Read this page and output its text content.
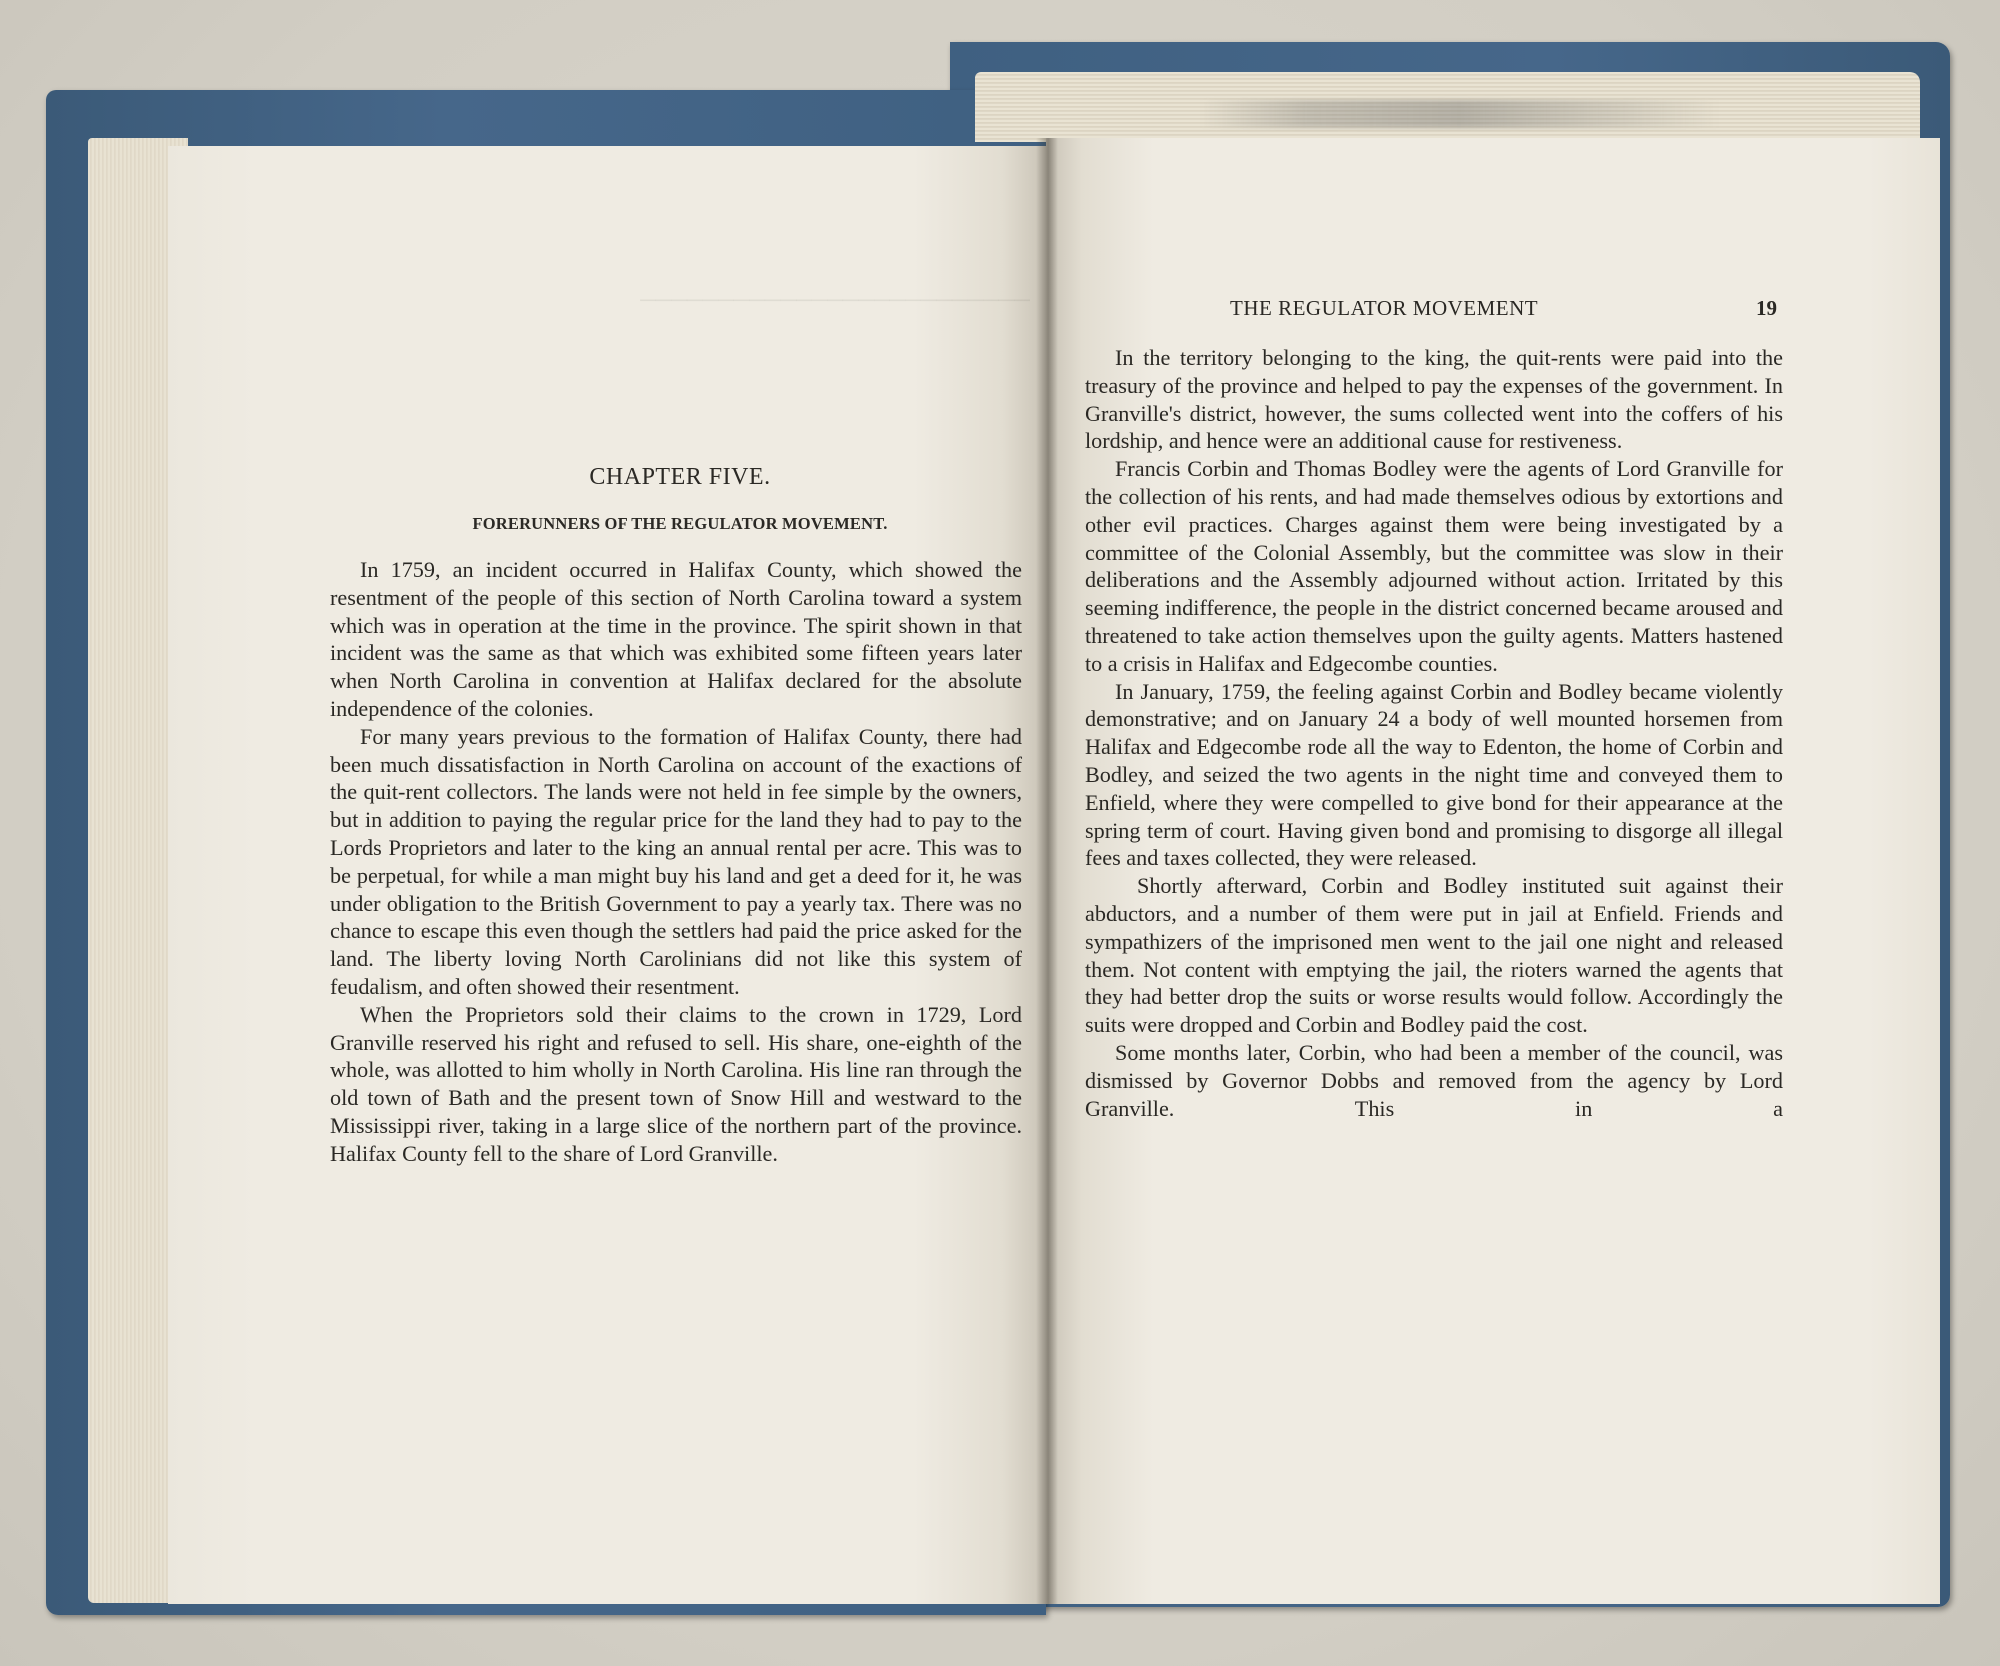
CHAPTER FIVE.
FORERUNNERS OF THE REGULATOR MOVEMENT.

In 1759, an incident occurred in Halifax County, which showed the resentment of the people of this section of North Carolina toward a system which was in operation at the time in the province. The spirit shown in that incident was the same as that which was exhibited some fifteen years later when North Carolina in convention at Halifax declared for the absolute independence of the colonies.

For many years previous to the formation of Halifax County, there had been much dissatisfaction in North Carolina on account of the exactions of the quit-rent collectors. The lands were not held in fee simple by the owners, but in addition to paying the regular price for the land they had to pay to the Lords Proprietors and later to the king an annual rental per acre. This was to be perpetual, for while a man might buy his land and get a deed for it, he was under obligation to the British Government to pay a yearly tax. There was no chance to escape this even though the settlers had paid the price asked for the land. The liberty loving North Carolinians did not like this system of feudalism, and often showed their resentment.

When the Proprietors sold their claims to the crown in 1729, Lord Granville reserved his right and refused to sell. His share, one-eighth of the whole, was allotted to him wholly in North Carolina. His line ran through the old town of Bath and the present town of Snow Hill and westward to the Mississippi river, taking in a large slice of the northern part of the province. Halifax County fell to the share of Lord Granville.

THE REGULATOR MOVEMENT	19

In the territory belonging to the king, the quit-rents were paid into the treasury of the province and helped to pay the expenses of the government. In Granville's district, however, the sums collected went into the coffers of his lordship, and hence were an additional cause for restiveness.

Francis Corbin and Thomas Bodley were the agents of Lord Granville for the collection of his rents, and had made themselves odious by extortions and other evil practices. Charges against them were being investigated by a committee of the Colonial Assembly, but the committee was slow in their deliberations and the Assembly adjourned without action. Irritated by this seeming indifference, the people in the district concerned became aroused and threatened to take action themselves upon the guilty agents. Matters hastened to a crisis in Halifax and Edgecombe counties.

In January, 1759, the feeling against Corbin and Bodley became violently demonstrative; and on January 24 a body of well mounted horsemen from Halifax and Edgecombe rode all the way to Edenton, the home of Corbin and Bodley, and seized the two agents in the night time and conveyed them to Enfield, where they were compelled to give bond for their appearance at the spring term of court. Having given bond and promising to disgorge all illegal fees and taxes collected, they were released.

Shortly afterward, Corbin and Bodley instituted suit against their abductors, and a number of them were put in jail at Enfield. Friends and sympathizers of the imprisoned men went to the jail one night and released them. Not content with emptying the jail, the rioters warned the agents that they had better drop the suits or worse results would follow. Accordingly the suits were dropped and Corbin and Bodley paid the cost.

Some months later, Corbin, who had been a member of the council, was dismissed by Governor Dobbs and removed from the agency by Lord Granville. This in a
